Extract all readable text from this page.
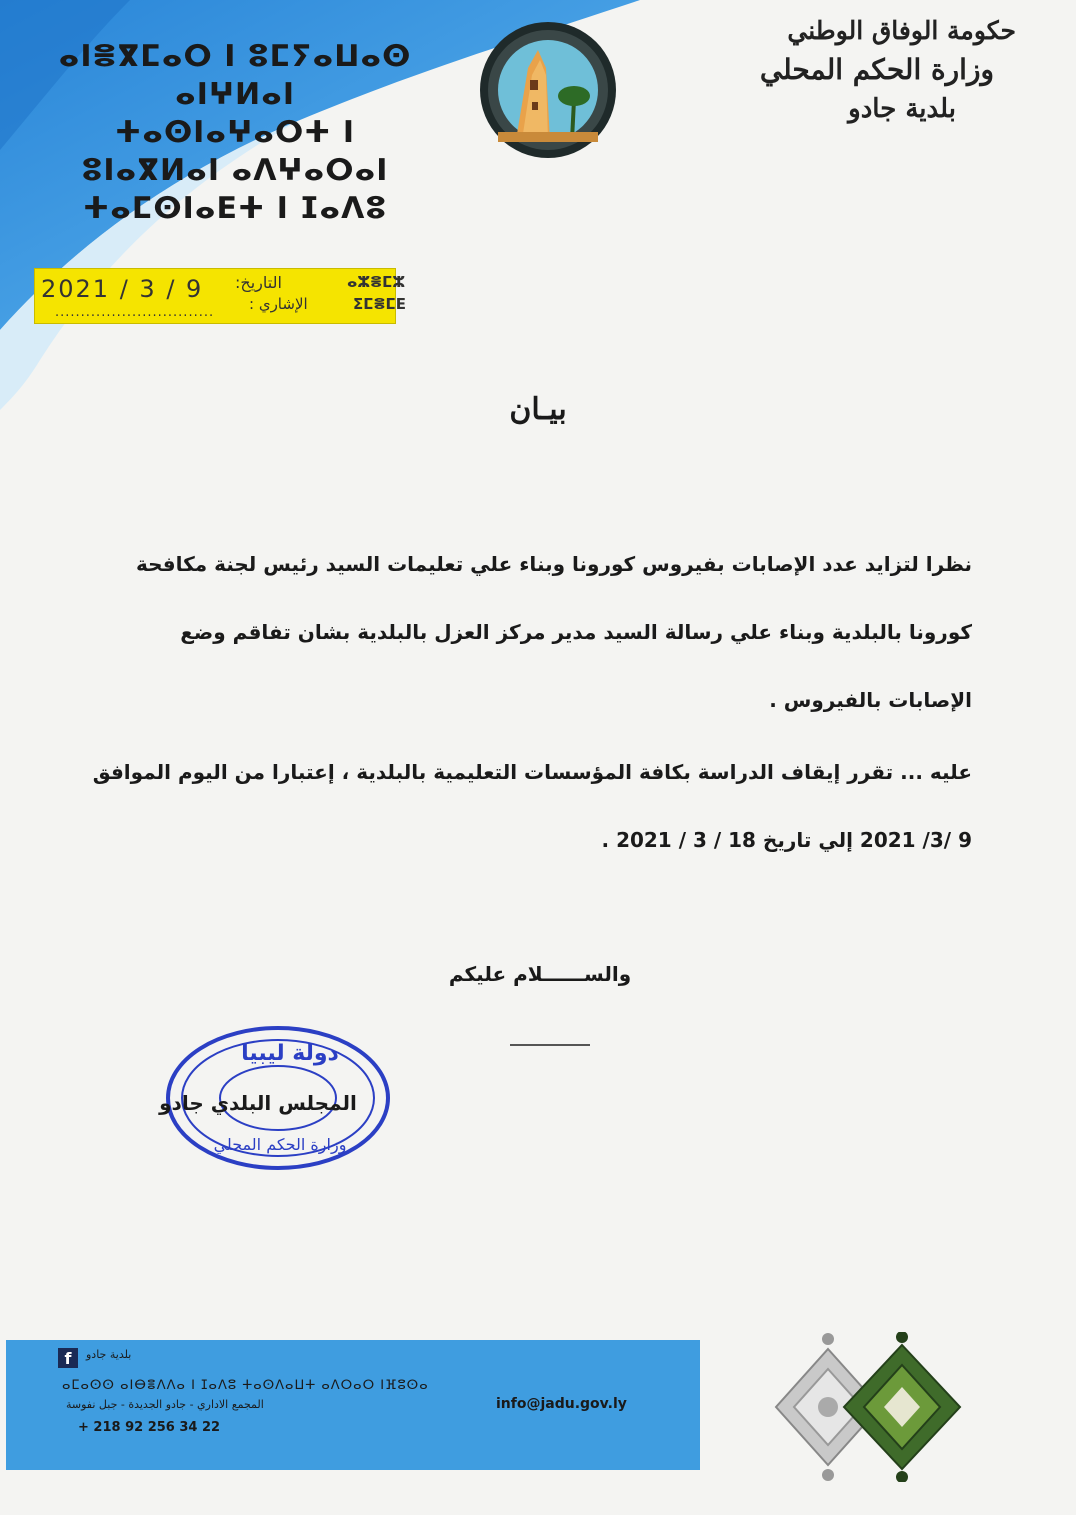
ⴰⵏⴻⴳⵎⴰⵔ ⵏ ⵓⵎⵢⴰⵡⴰⵙ ⴰⵏⵖⵍⴰⵏ
ⵜⴰⵙⵏⴰⵖⴰⵔⵜ ⵏ ⵓⵏⴰⴳⵍⴰⵏ ⴰⴷⵖⴰⵔⴰⵏ
ⵜⴰⵎⵙⵏⴰⴹⵜ ⵏ ⵊⴰⴷⵓ
حكومة الوفاق الوطني
وزارة الحكم المحلي
بلدية جادو
2021 / 3 / 9 التاريخ:
الإشاري :
...............................
ⴰⵣⴻⵎⵣ
ⵉⵎⴻⵎⴹ
بيـان
نظرا لتزايد عدد الإصابات بفيروس كورونا وبناء علي تعليمات السيد رئيس لجنة مكافحة كورونا بالبلدية وبناء علي رسالة السيد مدير مركز العزل بالبلدية بشان تفاقم وضع الإصابات بالفيروس .
عليه ... تقرر إيقاف الدراسة بكافة المؤسسات التعليمية بالبلدية ، إعتبارا من اليوم الموافق 9 /3/ 2021 إلي تاريخ 18 / 3 / 2021 .
والســــــلام عليكم
دولة ليبيا
وزارة الحكم المحلي
المجلس البلدي جادو
f	بلدية جادو
ⴰⵎⴰⵙⵙ ⴰⵏⴱⴻⴷⴷⴰ ⵏ ⵊⴰⴷⵓ ⵜⴰⵙⴷⴰⵡⵜ ⴰⴷⵔⴰⵔ ⵏⴼⵓⵙⴰ
المجمع الاداري - جادو الجديدة - جبل نفوسة
+ 218 92 256 34 22
info@jadu.gov.ly
